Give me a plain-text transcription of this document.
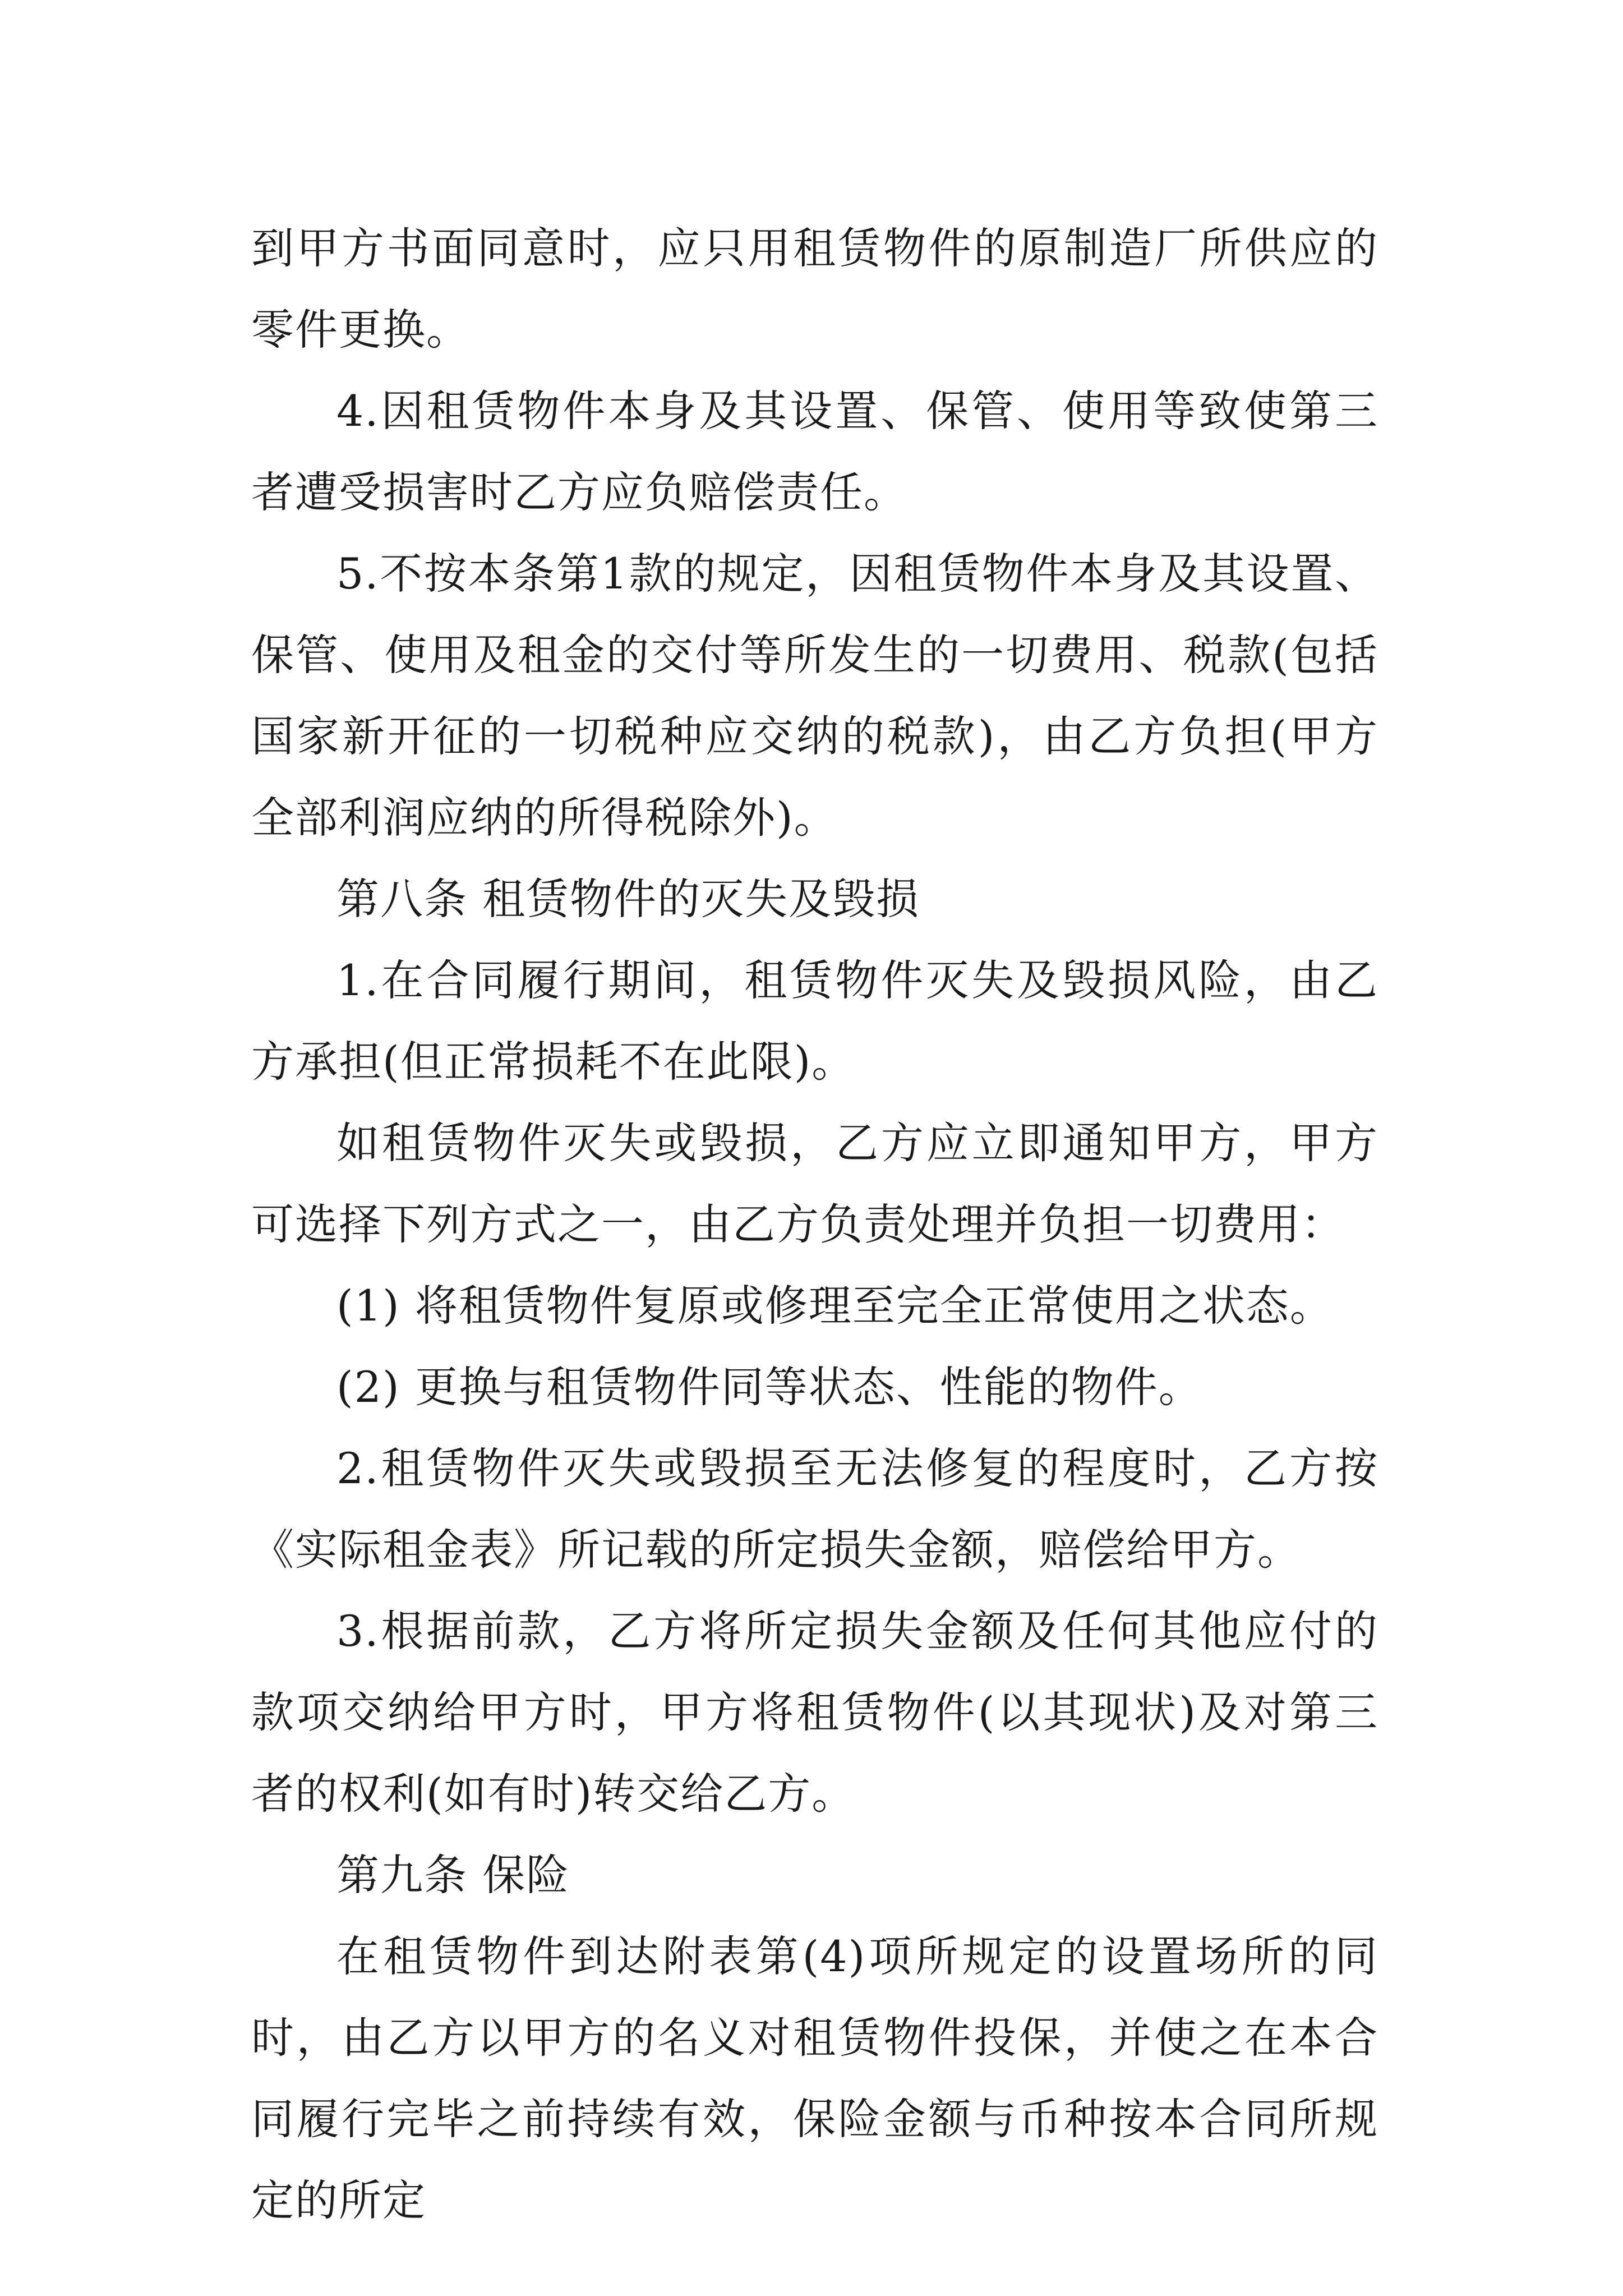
到甲方书面同意时，应只用租赁物件的原制造厂所供应的零件更换。

4.因租赁物件本身及其设置、保管、使用等致使第三者遭受损害时乙方应负赔偿责任。

5.不按本条第1款的规定，因租赁物件本身及其设置、保管、使用及租金的交付等所发生的一切费用、税款(包括国家新开征的一切税种应交纳的税款)，由乙方负担(甲方全部利润应纳的所得税除外)。

第八条 租赁物件的灭失及毁损

1.在合同履行期间，租赁物件灭失及毁损风险，由乙方承担(但正常损耗不在此限)。

如租赁物件灭失或毁损，乙方应立即通知甲方，甲方可选择下列方式之一，由乙方负责处理并负担一切费用：

(1) 将租赁物件复原或修理至完全正常使用之状态。

(2) 更换与租赁物件同等状态、性能的物件。

2.租赁物件灭失或毁损至无法修复的程度时，乙方按《实际租金表》所记载的所定损失金额，赔偿给甲方。

3.根据前款，乙方将所定损失金额及任何其他应付的款项交纳给甲方时，甲方将租赁物件(以其现状)及对第三者的权利(如有时)转交给乙方。

第九条 保险

在租赁物件到达附表第(4)项所规定的设置场所的同时，由乙方以甲方的名义对租赁物件投保，并使之在本合同履行完毕之前持续有效，保险金额与币种按本合同所规定的所定
